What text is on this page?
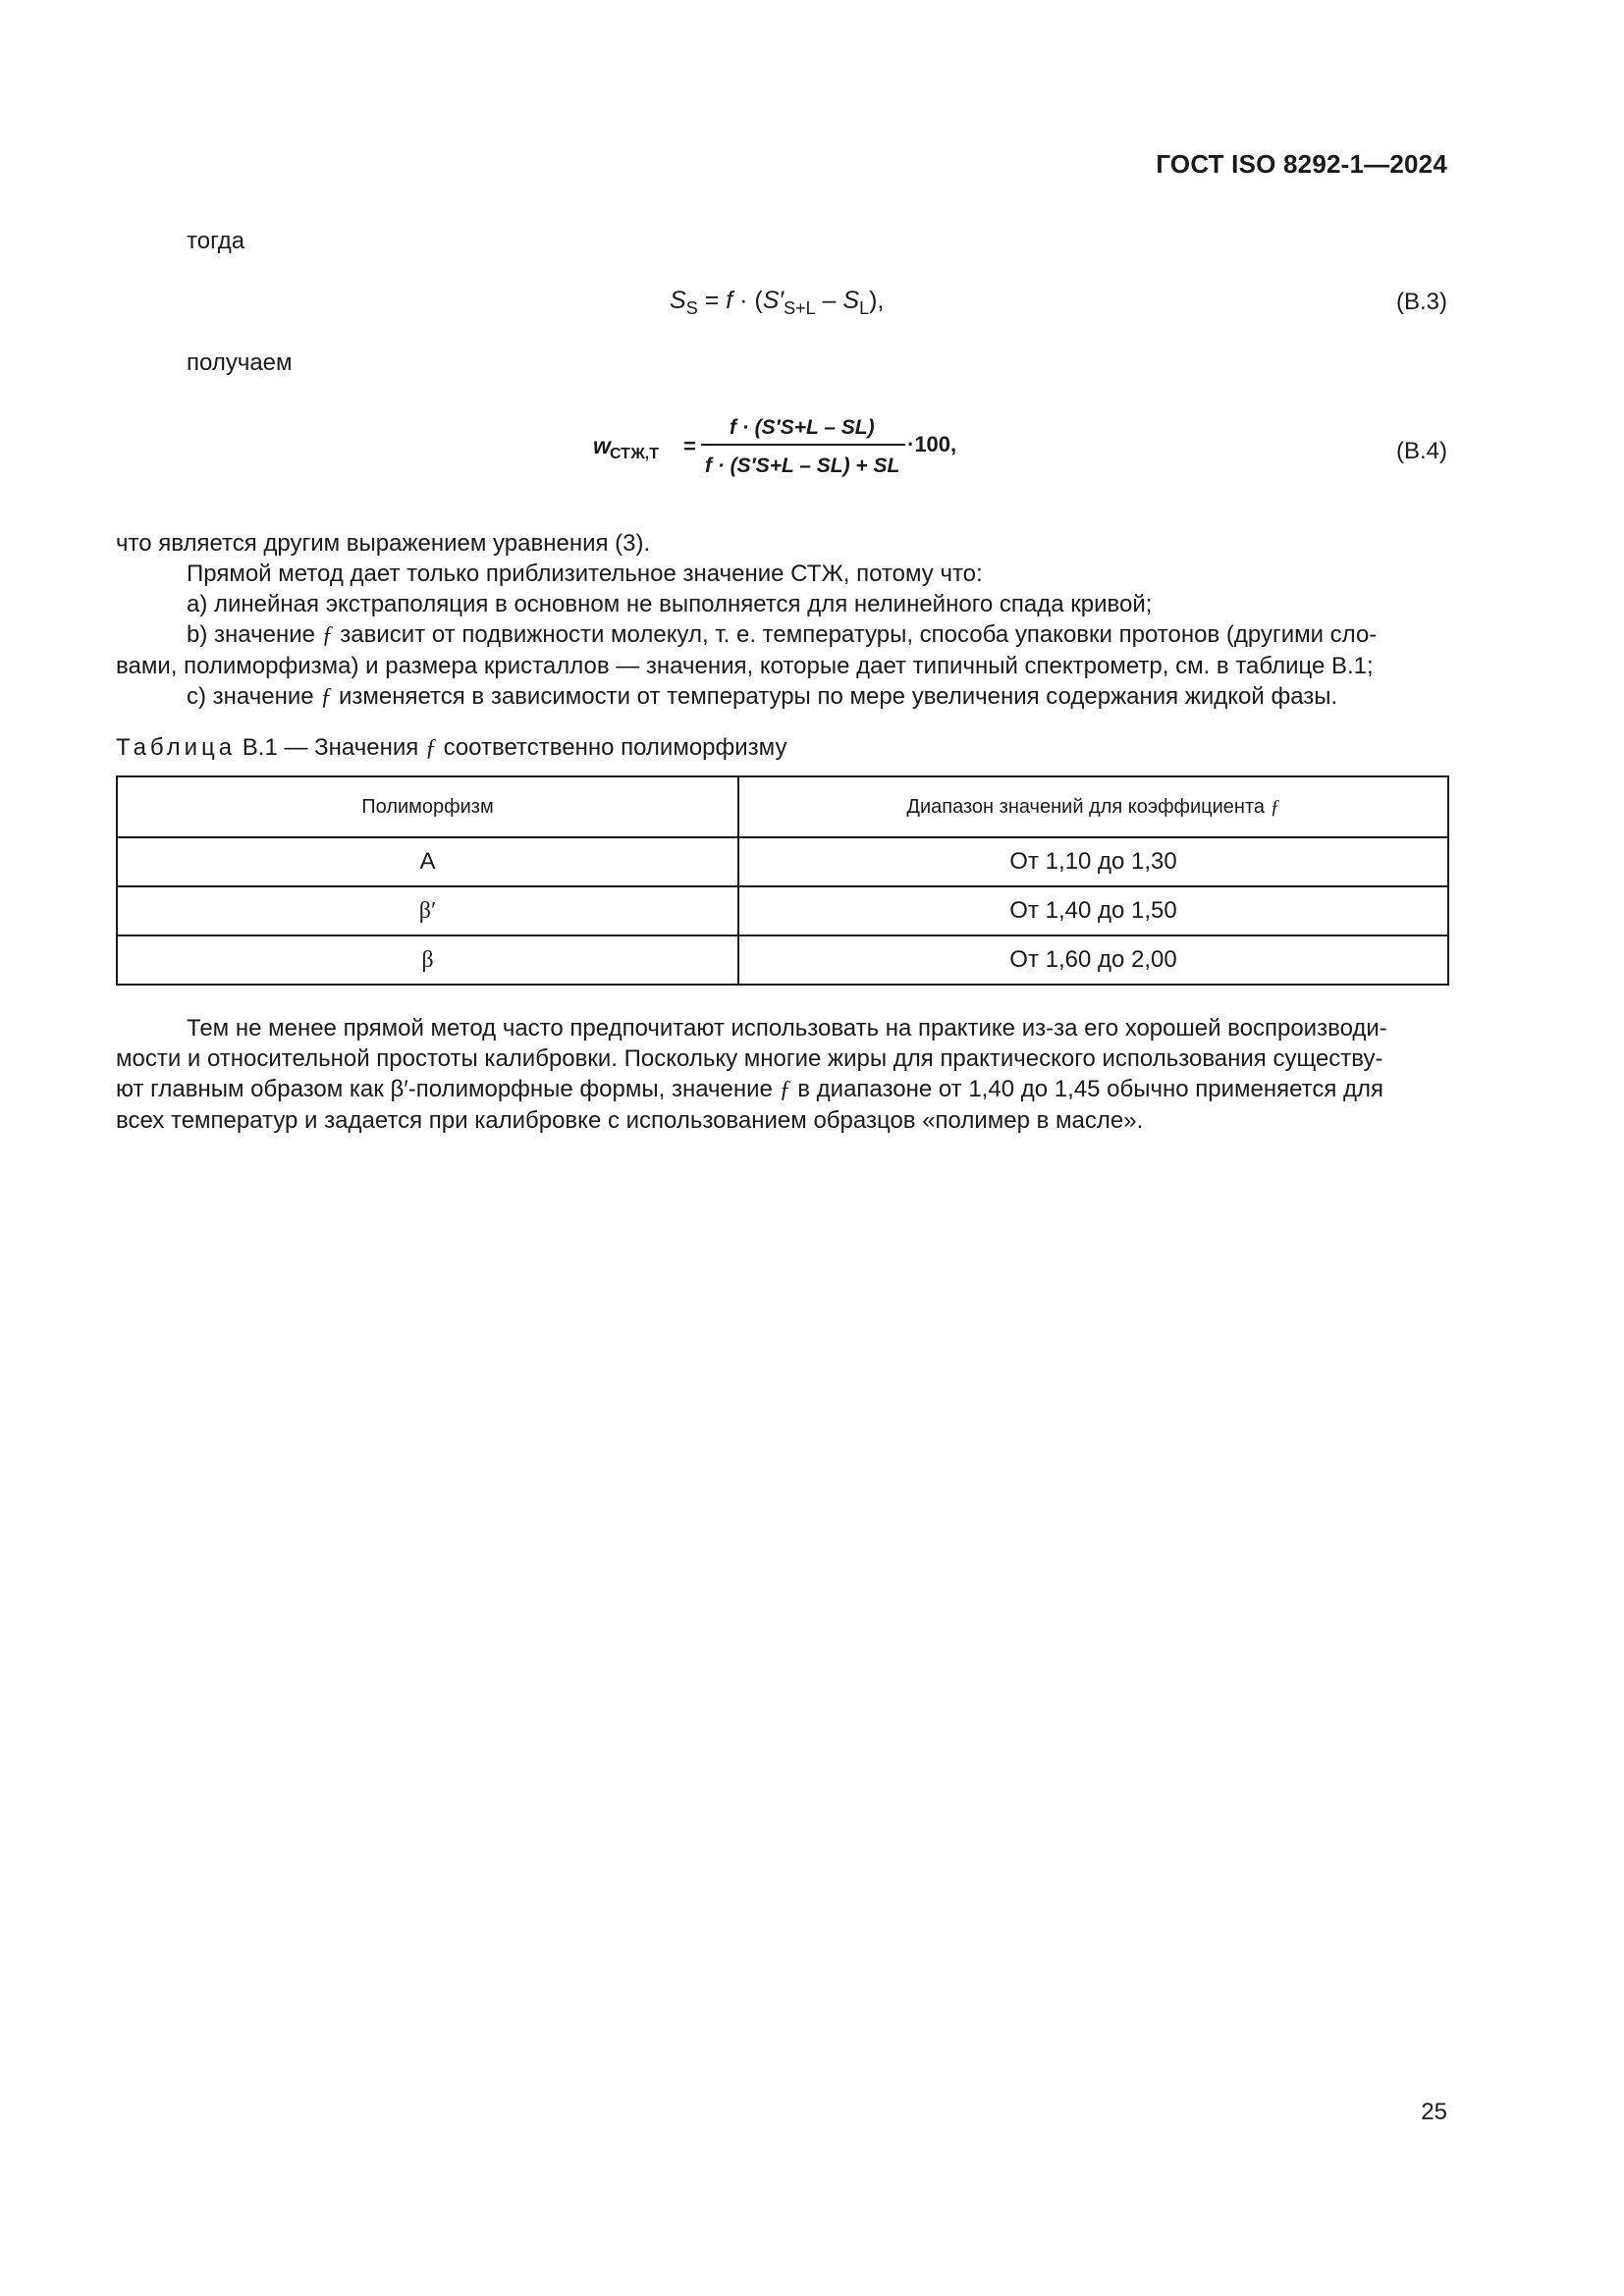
ГОСТ ISO 8292-1—2024
тогда
$S_S = f \cdot (S'_{S+L} - S_L)$,	(B.3)
получаем
w СТЖ,T =
f · (S′S+L – SL)
f · (S′S+L – SL) + SL
·100,	(B.4)
что является другим выражением уравнения (3).
Прямой метод дает только приблизительное значение СТЖ, потому что:
a) линейная экстраполяция в основном не выполняется для нелинейного спада кривой;
b) значение ƒ зависит от подвижности молекул, т. е. температуры, способа упаковки протонов (другими сло-
вами, полиморфизма) и размера кристаллов — значения, которые дает типичный спектрометр, см. в таблице B.1;
c) значение ƒ изменяется в зависимости от температуры по мере увеличения содержания жидкой фазы.
Таблица B.1 — Значения ƒ соответственно полиморфизму
Полиморфизм	Диапазон значений для коэффициента ƒ
A	От 1,10 до 1,30
β′	От 1,40 до 1,50
β	От 1,60 до 2,00
Тем не менее прямой метод часто предпочитают использовать на практике из-за его хорошей воспроизводи-
мости и относительной простоты калибровки. Поскольку многие жиры для практического использования существу-
ют главным образом как β′-полиморфные формы, значение ƒ в диапазоне от 1,40 до 1,45 обычно применяется для
всех температур и задается при калибровке с использованием образцов «полимер в масле».
25
